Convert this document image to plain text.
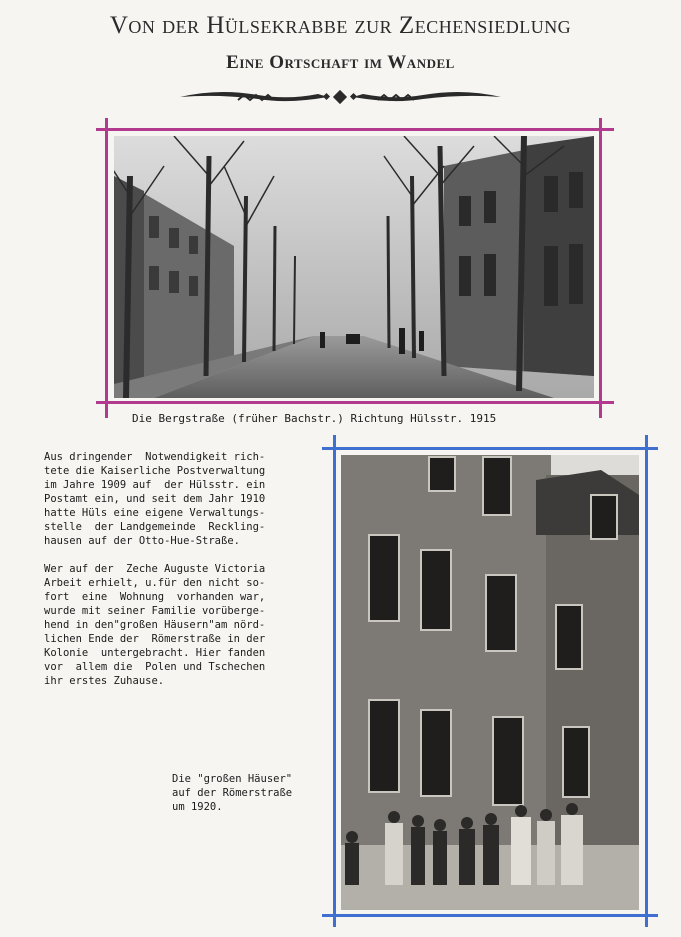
Von der Hülsekrabbe zur Zechensiedlung
Eine Ortschaft im Wandel
Die Bergstraße (früher Bachstr.) Richtung Hülsstr. 1915
Aus dringender  Notwendigkeit rich-
tete die Kaiserliche Postverwaltung
im Jahre 1909 auf  der Hülsstr. ein
Postamt ein, und seit dem Jahr 1910
hatte Hüls eine eigene Verwaltungs-
stelle  der Landgemeinde  Reckling-
hausen auf der Otto-Hue-Straße.
Wer auf der  Zeche Auguste Victoria
Arbeit erhielt, u.für den nicht so-
fort  eine  Wohnung  vorhanden war,
wurde mit seiner Familie vorüberge-
hend in den"großen Häusern"am nörd-
lichen Ende der  Römerstraße in der
Kolonie  untergebracht. Hier fanden
vor  allem die  Polen und Tschechen
ihr erstes Zuhause.
Die "großen Häuser"
auf der Römerstraße
um 1920.
